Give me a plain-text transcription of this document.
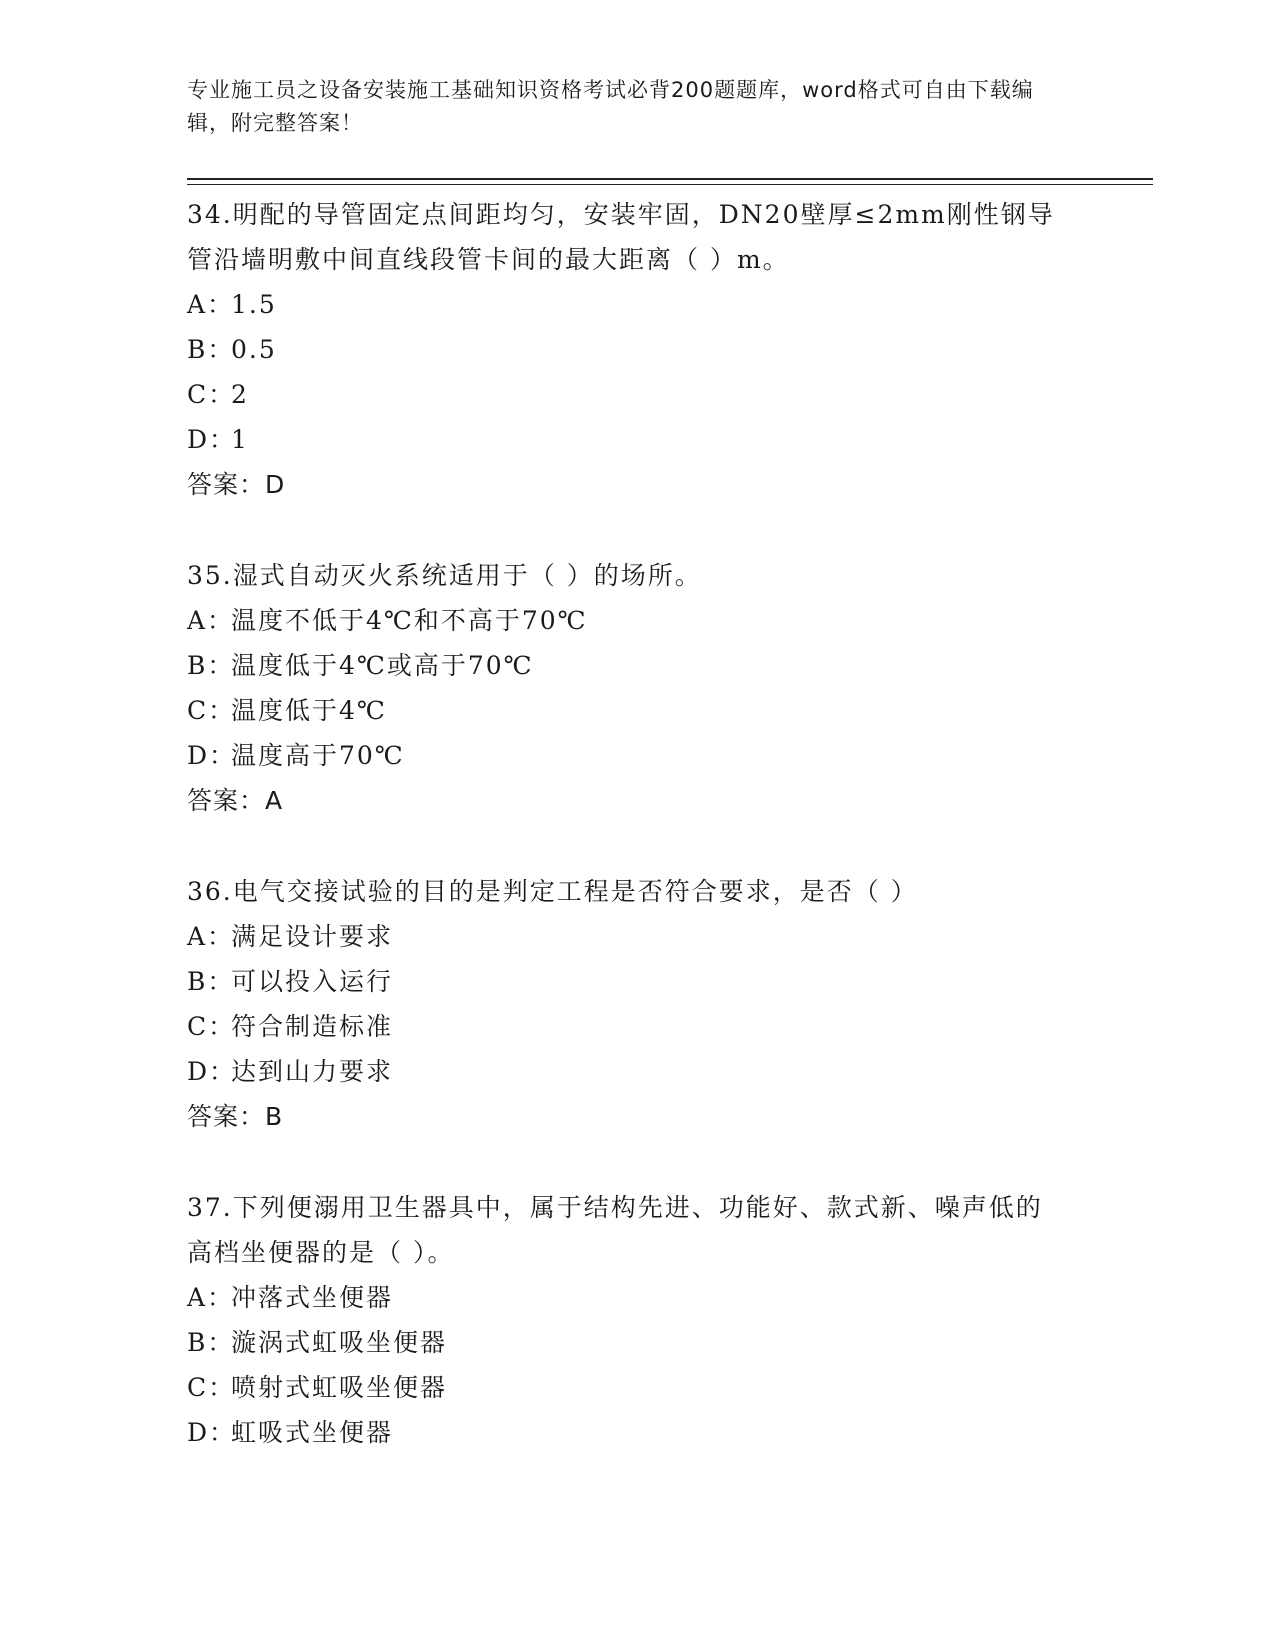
专业施工员之设备安装施工基础知识资格考试必背200题题库，word格式可自由下载编辑，附完整答案！

34.明配的导管固定点间距均匀，安装牢固，DN20壁厚≤2mm刚性钢导管沿墙明敷中间直线段管卡间的最大距离（ ）m。

A：1.5
B：0.5
C：2
D：1
答案：D

35.湿式自动灭火系统适用于（ ）的场所。

A：温度不低于4℃和不高于70℃
B：温度低于4℃或高于70℃
C：温度低于4℃
D：温度高于70℃
答案：A

36.电气交接试验的目的是判定工程是否符合要求，是否（ ）

A：满足设计要求
B：可以投入运行
C：符合制造标准
D：达到山力要求
答案：B

37.下列便溺用卫生器具中，属于结构先进、功能好、款式新、噪声低的高档坐便器的是（ ）。

A：冲落式坐便器
B：漩涡式虹吸坐便器
C：喷射式虹吸坐便器
D：虹吸式坐便器
